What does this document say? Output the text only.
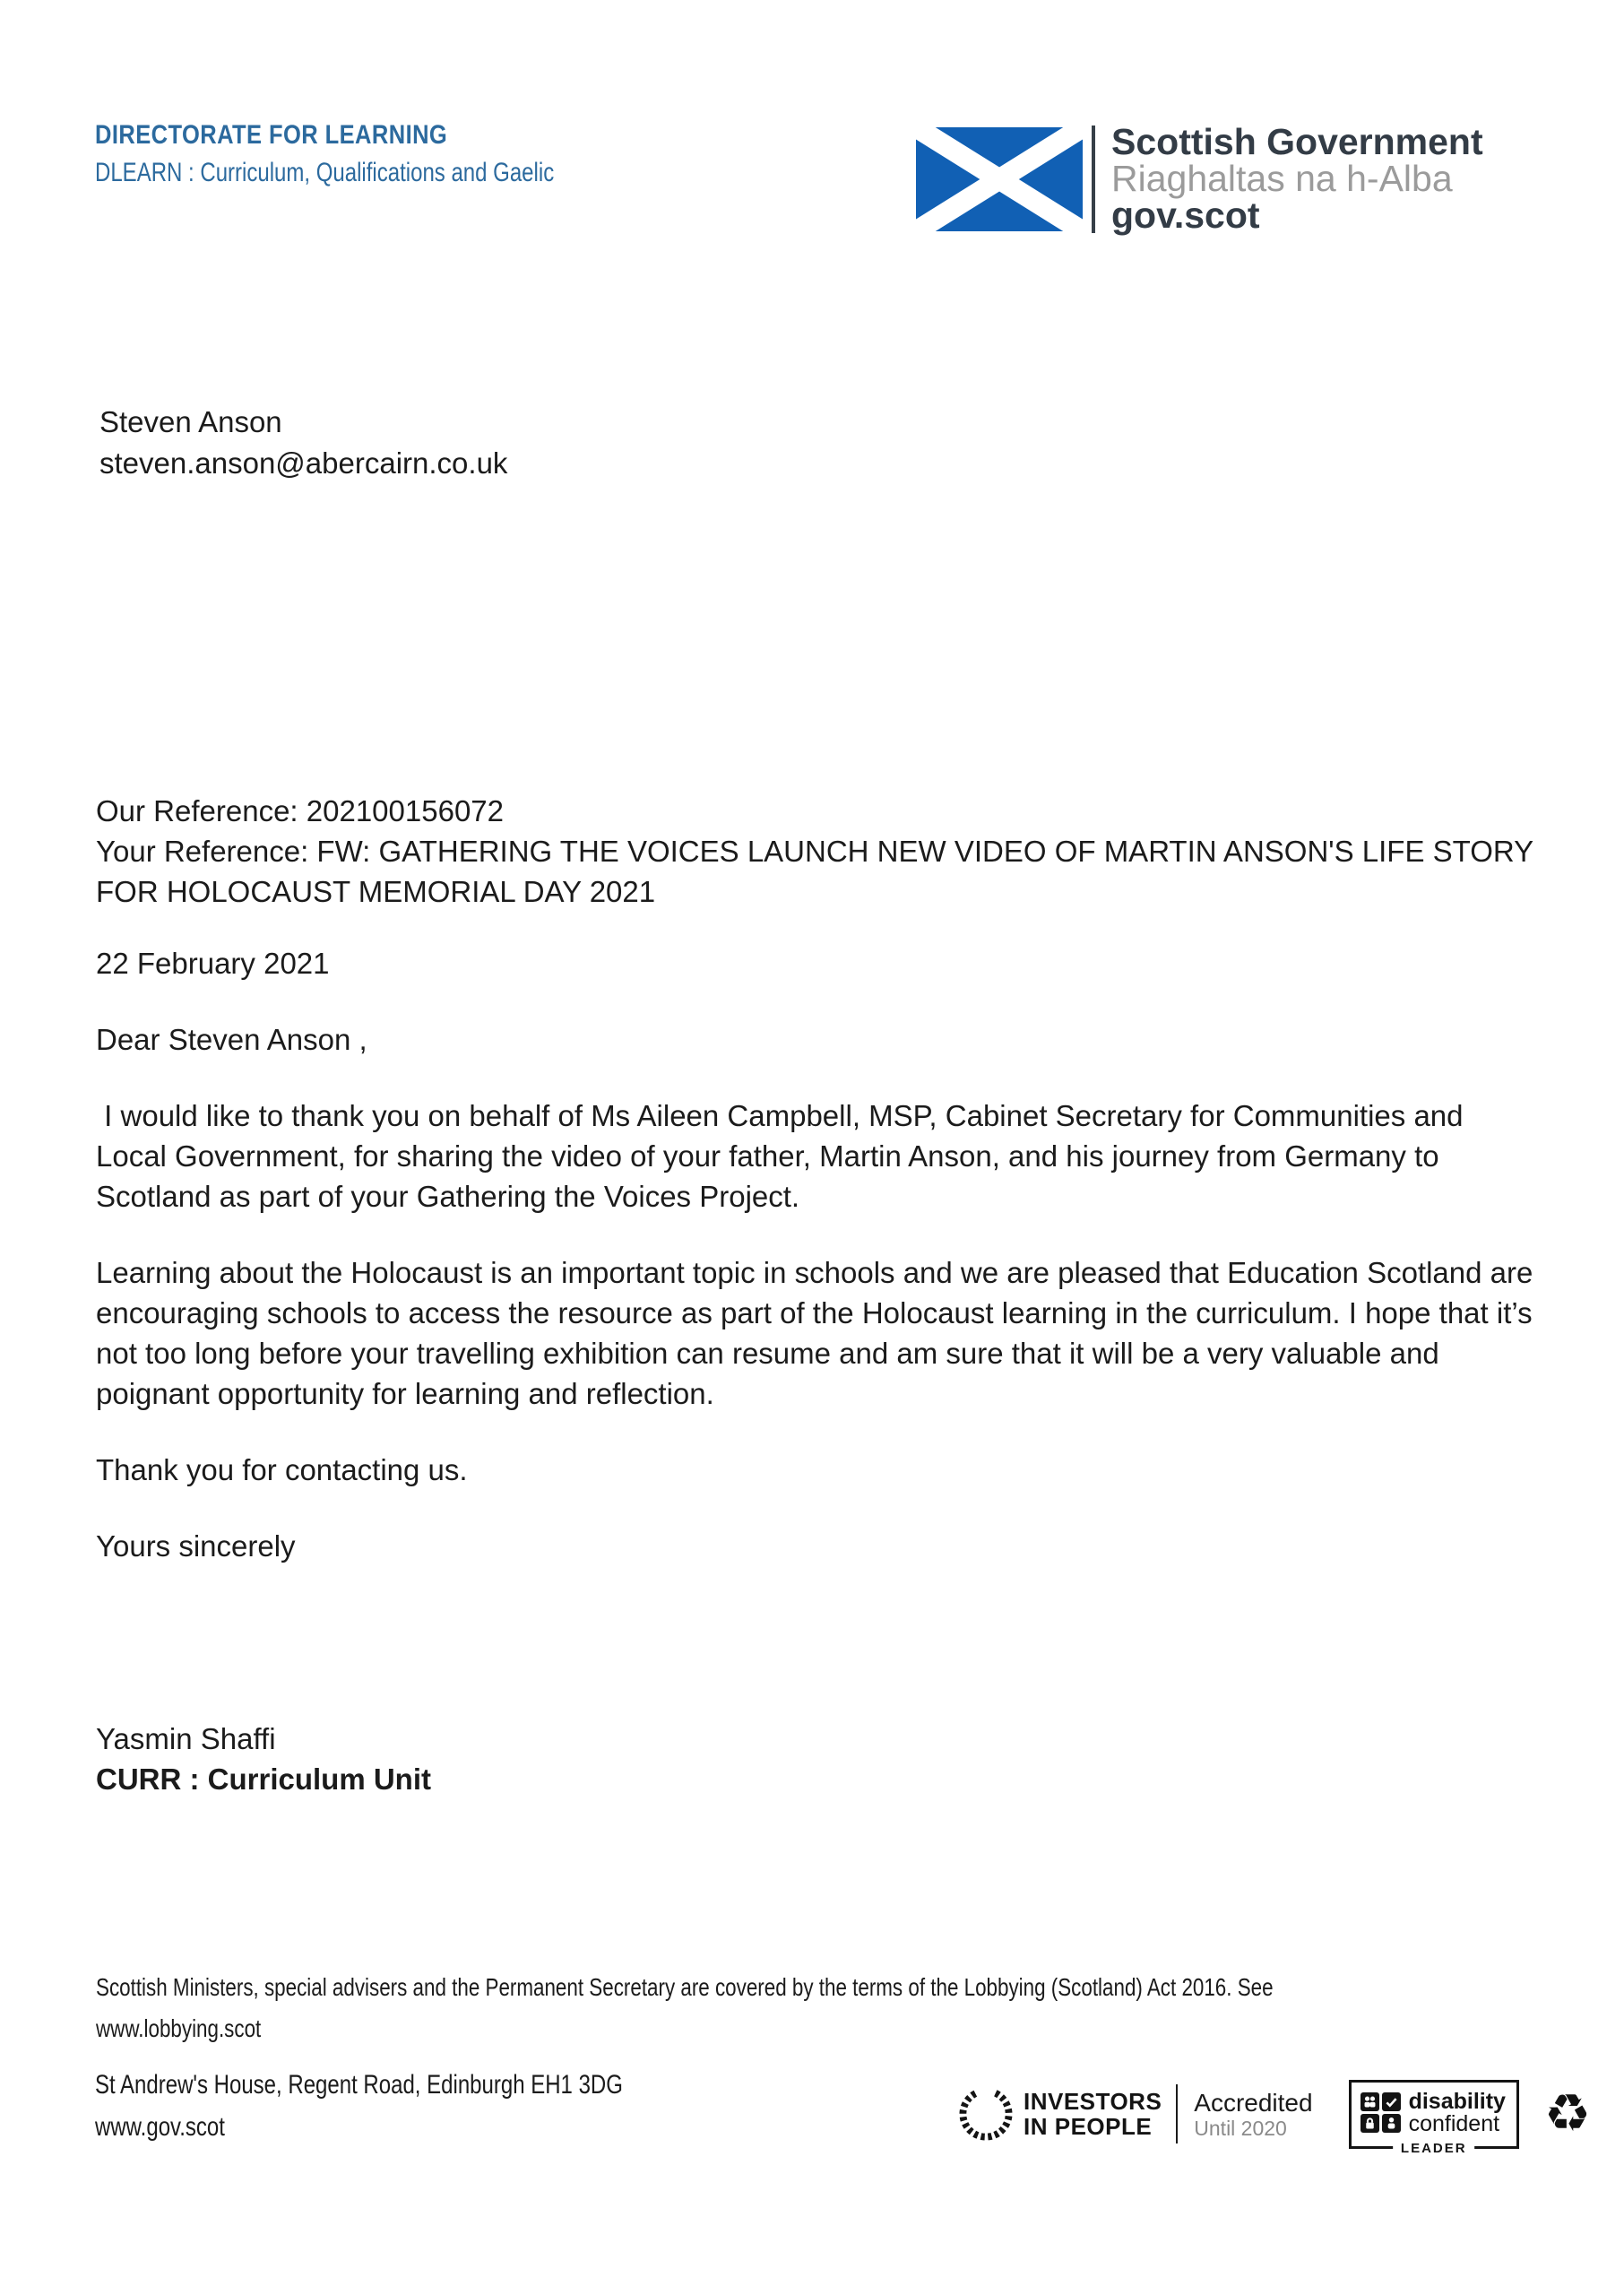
DIRECTORATE FOR LEARNING
DLEARN : Curriculum, Qualifications and Gaelic
Scottish Government
Riaghaltas na h-Alba
gov.scot
Steven Anson
steven.anson@abercairn.co.uk
Our Reference: 202100156072
Your Reference: FW: GATHERING THE VOICES LAUNCH NEW VIDEO OF MARTIN ANSON'S LIFE STORY FOR HOLOCAUST MEMORIAL DAY 2021

22 February 2021

Dear Steven Anson ,

I would like to thank you on behalf of Ms Aileen Campbell, MSP, Cabinet Secretary for Communities and Local Government, for sharing the video of your father, Martin Anson, and his journey from Germany to Scotland as part of your Gathering the Voices Project.

Learning about the Holocaust is an important topic in schools and we are pleased that Education Scotland are encouraging schools to access the resource as part of the Holocaust learning in the curriculum. I hope that it’s not too long before your travelling exhibition can resume and am sure that it will be a very valuable and poignant opportunity for learning and reflection.

Thank you for contacting us.

Yours sincerely

Yasmin Shaffi
CURR : Curriculum Unit
Scottish Ministers, special advisers and the Permanent Secretary are covered by the terms of the Lobbying (Scotland) Act 2016. See
www.lobbying.scot
St Andrew's House, Regent Road, Edinburgh EH1 3DG
www.gov.scot
INVESTORS
IN PEOPLE
Accredited
Until 2020
disability
confident
LEADER
♻
